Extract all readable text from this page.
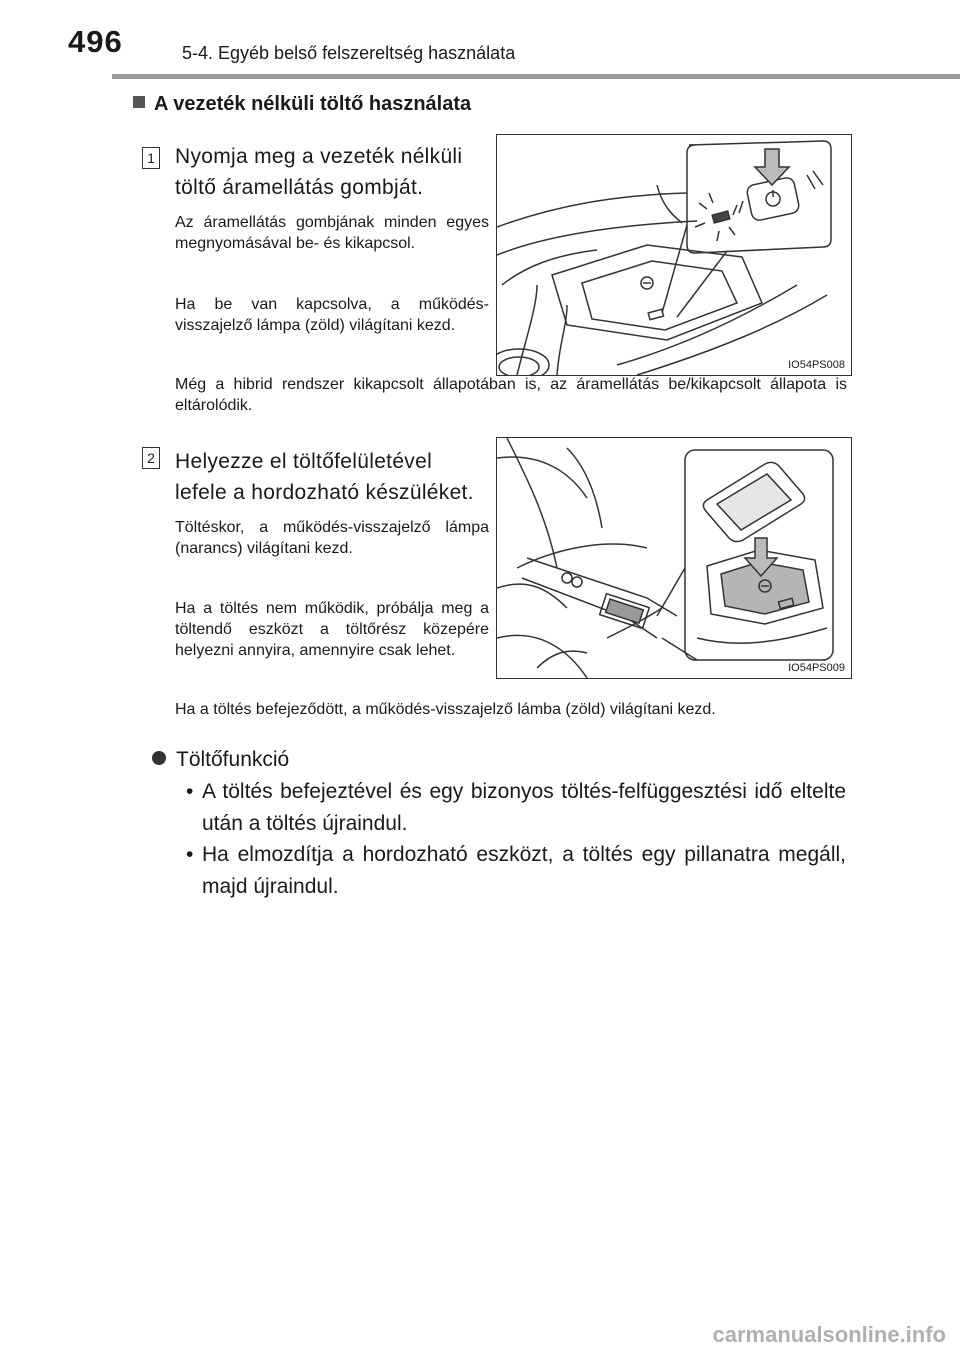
496	5-4. Egyéb belső felszereltség használata
A vezeték nélküli töltő használata
1 Nyomja meg a vezeték nélküli töltő áramellátás gombját.
Az áramellátás gombjának minden egyes megnyomásával be- és kikapcsol.
Ha be van kapcsolva, a működés-visszajelző lámpa (zöld) világítani kezd.
Még a hibrid rendszer kikapcsolt állapotában is, az áramellátás be/kikapcsolt állapota is eltárolódik.
IO54PS008
2 Helyezze el töltőfelületével lefele a hordozható készüléket.
Töltéskor, a működés-visszajelző lámpa (narancs) világítani kezd.
Ha a töltés nem működik, próbálja meg a töltendő eszközt a töltőrész közepére helyezni annyira, amennyire csak lehet.
Ha a töltés befejeződött, a működés-visszajelző lámba (zöld) világítani kezd.
IO54PS009
Töltőfunkció
• A töltés befejeztével és egy bizonyos töltés-felfüggesztési idő eltelte után a töltés újraindul.
• Ha elmozdítja a hordozható eszközt, a töltés egy pillanatra megáll, majd újraindul.
carmanualsonline.info
